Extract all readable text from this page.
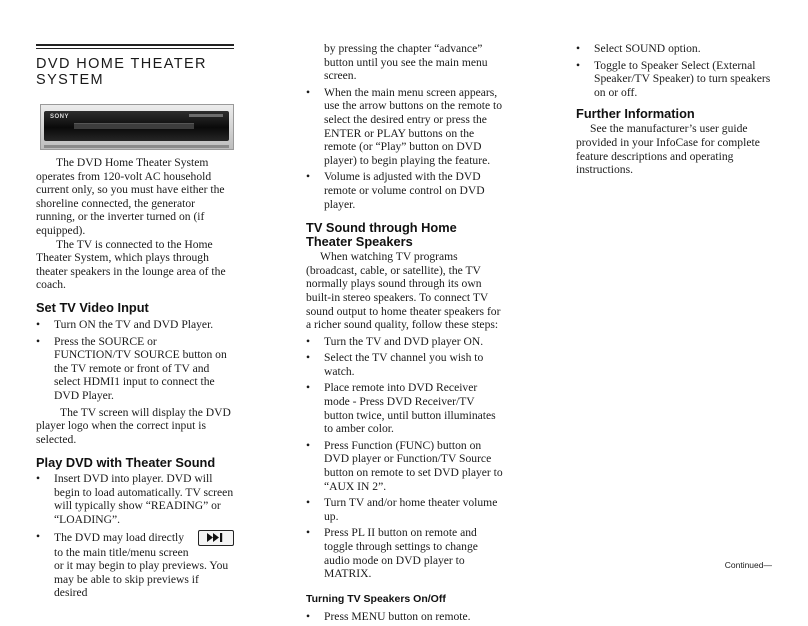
DVD HOME THEATER SYSTEM
SONY

The DVD Home Theater System operates from 120-volt AC household current only, so you must have either the shoreline connected, the generator running, or the inverter turned on (if equipped).

The TV is connected to the Home Theater System, which plays through theater speakers in the lounge area of the coach.

Set TV Video Input
• Turn ON the TV and DVD Player.
• Press the SOURCE or FUNCTION/TV SOURCE button on the TV remote or front of TV and select HDMI1 input to connect the DVD Player.

The TV screen will display the DVD player logo when the correct input is selected.

Play DVD with Theater Sound
• Insert DVD into player. DVD will begin to load automatically. TV screen will typically show “READING” or “LOADING”.
• The DVD may load directly
to the main title/menu screen
or it may begin to play previews. You may be able to skip previews if desired

by pressing the chapter “advance” button until you see the main menu screen.

• When the main menu screen appears, use the arrow buttons on the remote to select the desired entry or press the ENTER or PLAY buttons on the remote (or “Play” button on DVD player) to begin playing the feature.
• Volume is adjusted with the DVD remote or volume control on DVD player.
TV Sound through Home Theater Speakers

When watching TV programs (broadcast, cable, or satellite), the TV normally plays sound through its own built-in stereo speakers. To connect TV sound output to home theater speakers for a richer sound quality, follow these steps:

• Turn the TV and DVD player ON.
• Select the TV channel you wish to watch.
• Place remote into DVD Receiver mode - Press DVD Receiver/TV button twice, until button illuminates to amber color.
• Press Function (FUNC) button on DVD player or Function/TV Source button on remote to set DVD player to “AUX IN 2”.
• Turn TV and/or home theater volume up.
• Press PL II button on remote and toggle through settings to change audio mode on DVD player to MATRIX.
Turning TV Speakers On/Off
• Press MENU button on remote.
• Select SOUND option.
• Toggle to Speaker Select (External Speaker/TV Speaker) to turn speakers on or off.
Further Information

See the manufacturer’s user guide provided in your InfoCase for complete feature descriptions and operating instructions.

Continued—
